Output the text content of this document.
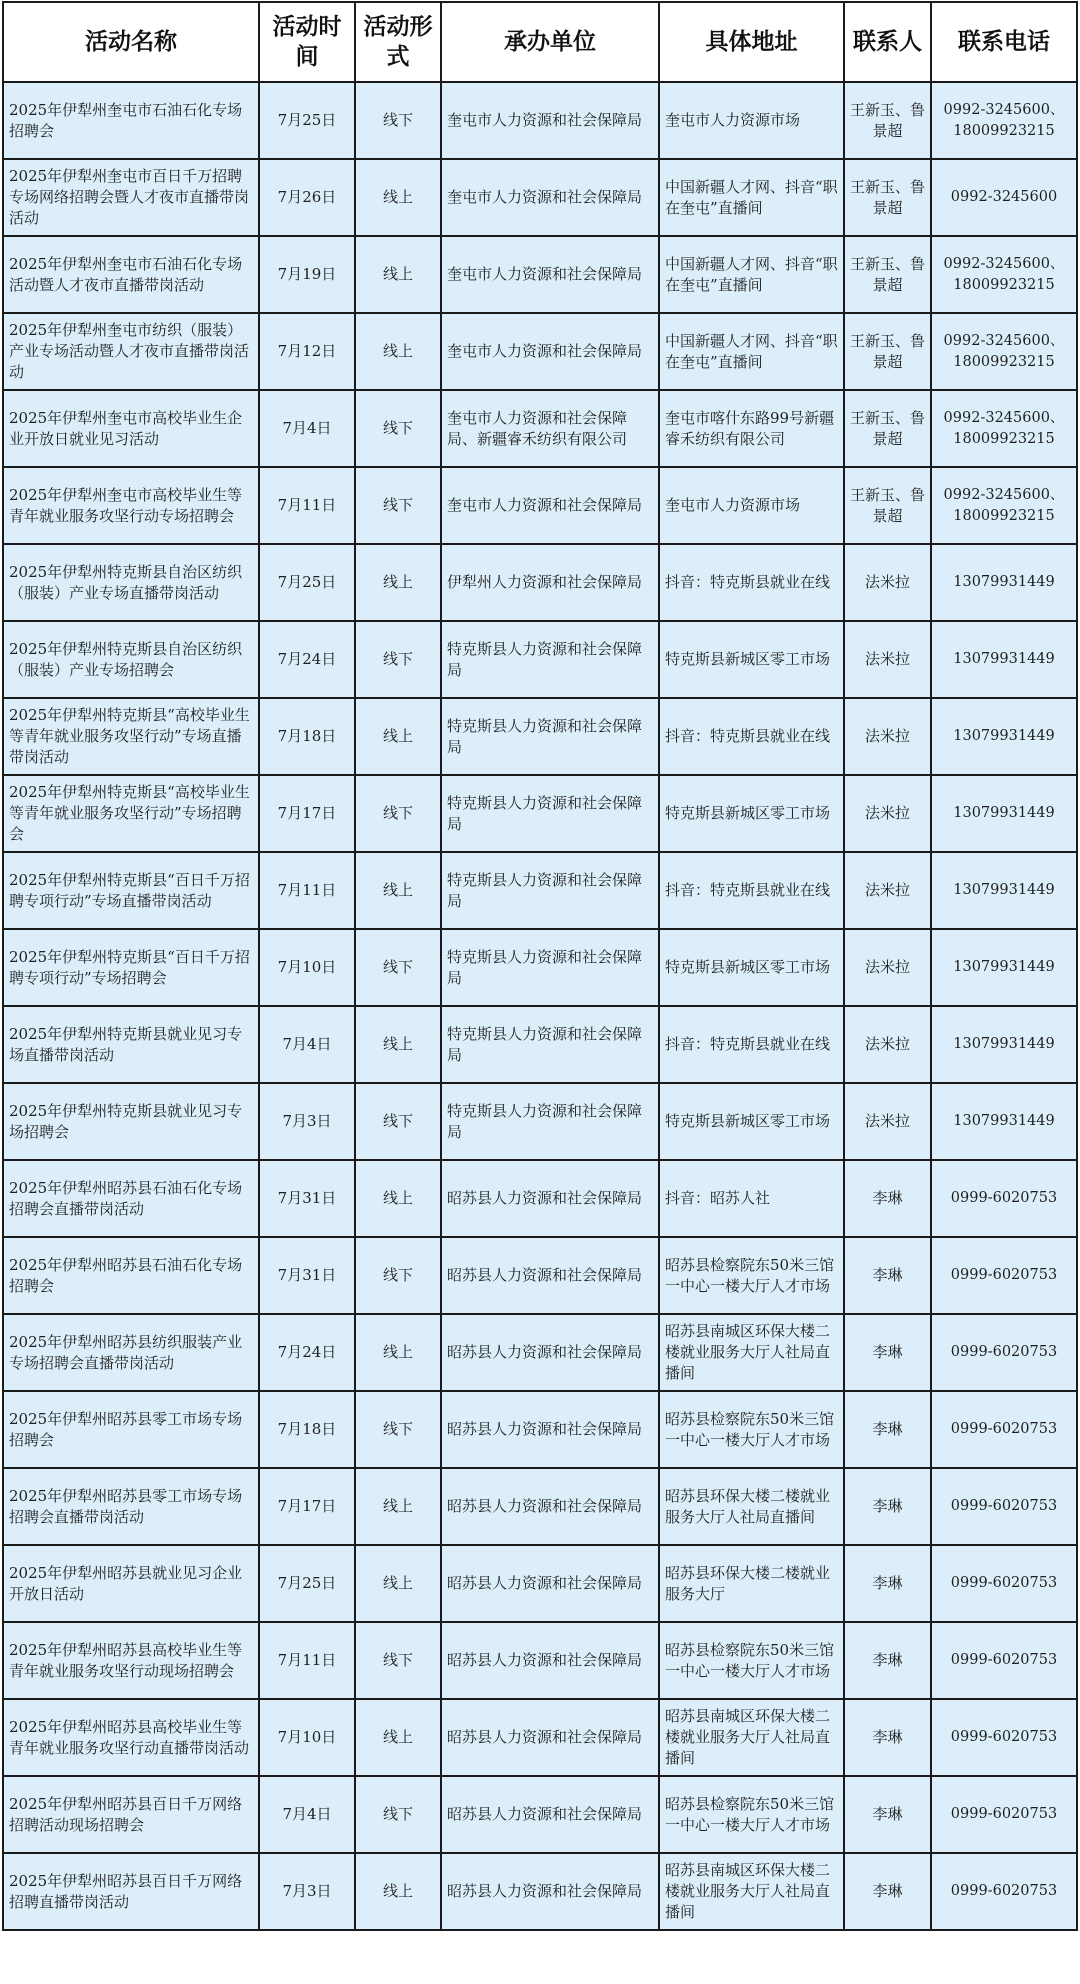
活动名称	活动时间	活动形式	承办单位	具体地址	联系人	联系电话
2025年伊犁州奎屯市石油石化专场招聘会	7月25日	线下	奎屯市人力资源和社会保障局	奎屯市人力资源市场	王新玉、鲁景超	0992-3245600、18009923215
2025年伊犁州奎屯市百日千万招聘专场网络招聘会暨人才夜市直播带岗活动	7月26日	线上	奎屯市人力资源和社会保障局	中国新疆人才网、抖音“职在奎屯”直播间	王新玉、鲁景超	0992-3245600
2025年伊犁州奎屯市石油石化专场活动暨人才夜市直播带岗活动	7月19日	线上	奎屯市人力资源和社会保障局	中国新疆人才网、抖音“职在奎屯”直播间	王新玉、鲁景超	0992-3245600、18009923215
2025年伊犁州奎屯市纺织（服装）产业专场活动暨人才夜市直播带岗活动	7月12日	线上	奎屯市人力资源和社会保障局	中国新疆人才网、抖音“职在奎屯”直播间	王新玉、鲁景超	0992-3245600、18009923215
2025年伊犁州奎屯市高校毕业生企业开放日就业见习活动	7月4日	线下	奎屯市人力资源和社会保障局、新疆睿禾纺织有限公司	奎屯市喀什东路99号新疆睿禾纺织有限公司	王新玉、鲁景超	0992-3245600、18009923215
2025年伊犁州奎屯市高校毕业生等青年就业服务攻坚行动专场招聘会	7月11日	线下	奎屯市人力资源和社会保障局	奎屯市人力资源市场	王新玉、鲁景超	0992-3245600、18009923215
2025年伊犁州特克斯县自治区纺织（服装）产业专场直播带岗活动	7月25日	线上	伊犁州人力资源和社会保障局	抖音：特克斯县就业在线	法米拉	13079931449
2025年伊犁州特克斯县自治区纺织（服装）产业专场招聘会	7月24日	线下	特克斯县人力资源和社会保障局	特克斯县新城区零工市场	法米拉	13079931449
2025年伊犁州特克斯县“高校毕业生等青年就业服务攻坚行动”专场直播带岗活动	7月18日	线上	特克斯县人力资源和社会保障局	抖音：特克斯县就业在线	法米拉	13079931449
2025年伊犁州特克斯县“高校毕业生等青年就业服务攻坚行动”专场招聘会	7月17日	线下	特克斯县人力资源和社会保障局	特克斯县新城区零工市场	法米拉	13079931449
2025年伊犁州特克斯县“百日千万招聘专项行动”专场直播带岗活动	7月11日	线上	特克斯县人力资源和社会保障局	抖音：特克斯县就业在线	法米拉	13079931449
2025年伊犁州特克斯县“百日千万招聘专项行动”专场招聘会	7月10日	线下	特克斯县人力资源和社会保障局	特克斯县新城区零工市场	法米拉	13079931449
2025年伊犁州特克斯县就业见习专场直播带岗活动	7月4日	线上	特克斯县人力资源和社会保障局	抖音：特克斯县就业在线	法米拉	13079931449
2025年伊犁州特克斯县就业见习专场招聘会	7月3日	线下	特克斯县人力资源和社会保障局	特克斯县新城区零工市场	法米拉	13079931449
2025年伊犁州昭苏县石油石化专场招聘会直播带岗活动	7月31日	线上	昭苏县人力资源和社会保障局	抖音：昭苏人社	李琳	0999-6020753
2025年伊犁州昭苏县石油石化专场招聘会	7月31日	线下	昭苏县人力资源和社会保障局	昭苏县检察院东50米三馆一中心一楼大厅人才市场	李琳	0999-6020753
2025年伊犁州昭苏县纺织服装产业专场招聘会直播带岗活动	7月24日	线上	昭苏县人力资源和社会保障局	昭苏县南城区环保大楼二楼就业服务大厅人社局直播间	李琳	0999-6020753
2025年伊犁州昭苏县零工市场专场招聘会	7月18日	线下	昭苏县人力资源和社会保障局	昭苏县检察院东50米三馆一中心一楼大厅人才市场	李琳	0999-6020753
2025年伊犁州昭苏县零工市场专场招聘会直播带岗活动	7月17日	线上	昭苏县人力资源和社会保障局	昭苏县环保大楼二楼就业服务大厅人社局直播间	李琳	0999-6020753
2025年伊犁州昭苏县就业见习企业开放日活动	7月25日	线上	昭苏县人力资源和社会保障局	昭苏县环保大楼二楼就业服务大厅	李琳	0999-6020753
2025年伊犁州昭苏县高校毕业生等青年就业服务攻坚行动现场招聘会	7月11日	线下	昭苏县人力资源和社会保障局	昭苏县检察院东50米三馆一中心一楼大厅人才市场	李琳	0999-6020753
2025年伊犁州昭苏县高校毕业生等青年就业服务攻坚行动直播带岗活动	7月10日	线上	昭苏县人力资源和社会保障局	昭苏县南城区环保大楼二楼就业服务大厅人社局直播间	李琳	0999-6020753
2025年伊犁州昭苏县百日千万网络招聘活动现场招聘会	7月4日	线下	昭苏县人力资源和社会保障局	昭苏县检察院东50米三馆一中心一楼大厅人才市场	李琳	0999-6020753
2025年伊犁州昭苏县百日千万网络招聘直播带岗活动	7月3日	线上	昭苏县人力资源和社会保障局	昭苏县南城区环保大楼二楼就业服务大厅人社局直播间	李琳	0999-6020753
